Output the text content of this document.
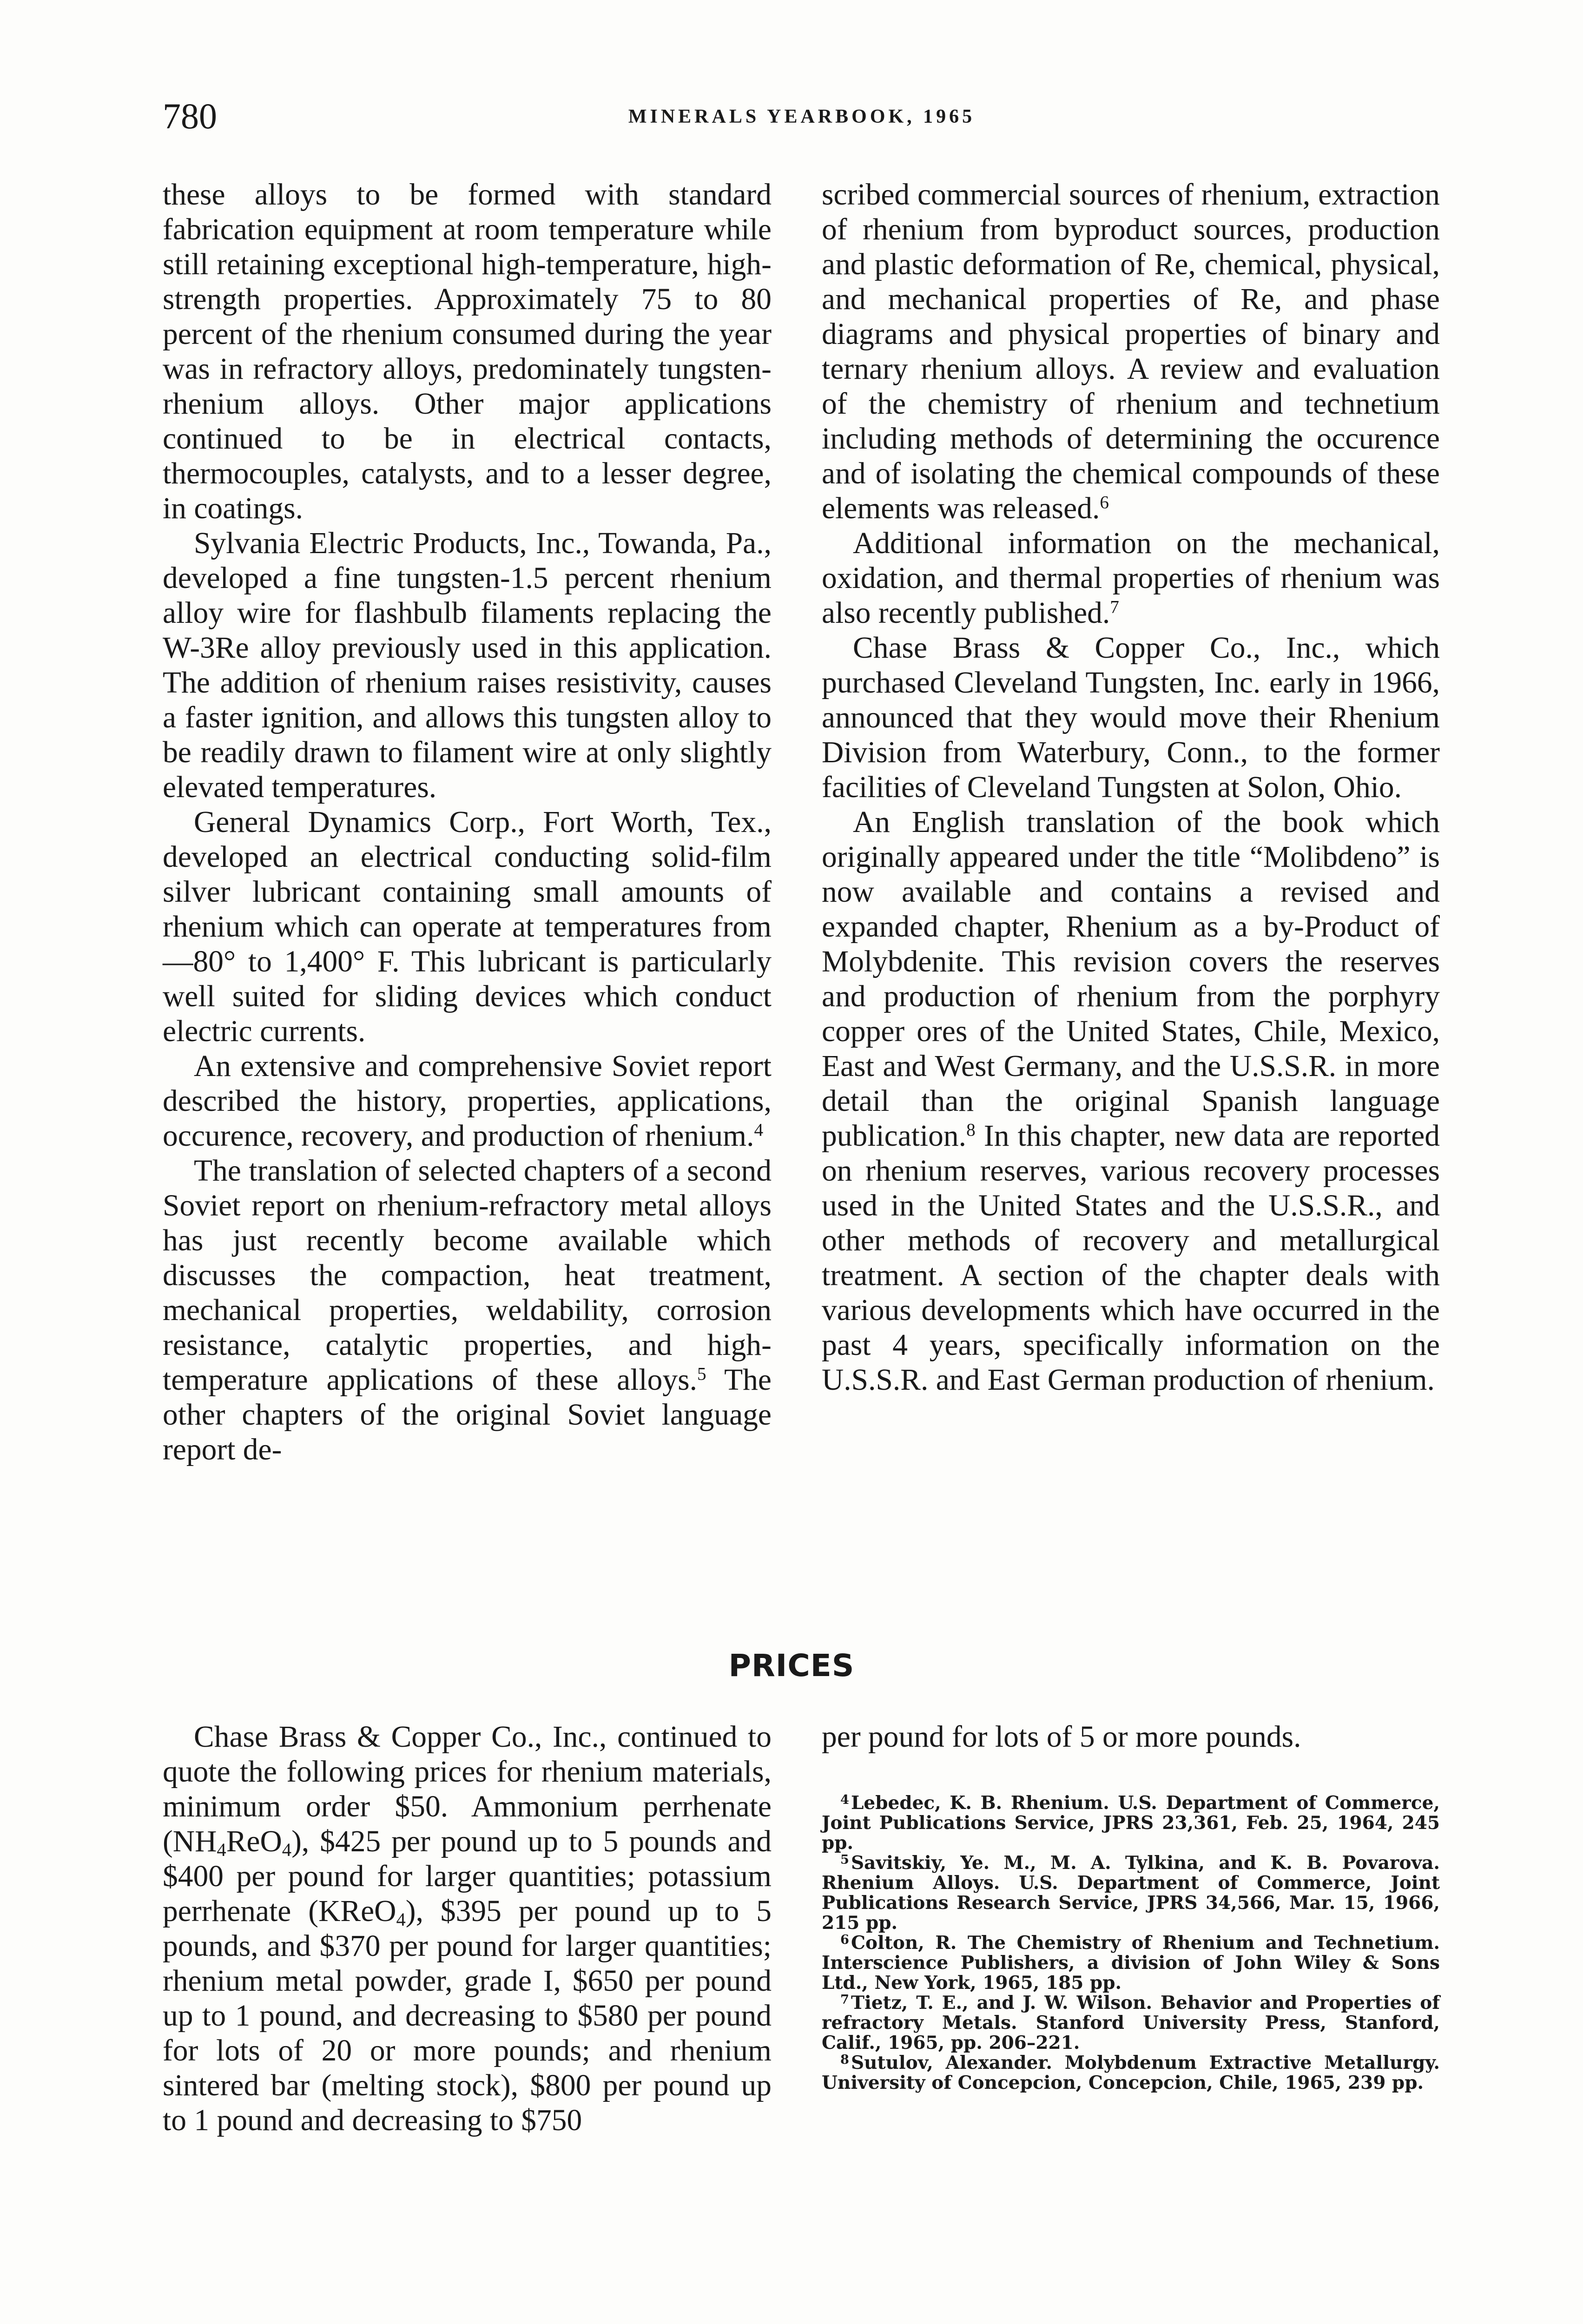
780	MINERALS YEARBOOK, 1965

these alloys to be formed with standard fabrication equipment at room temperature while still retaining exceptional high-temperature, high-strength properties. Approximately 75 to 80 percent of the rhenium consumed during the year was in refractory alloys, predominately tungsten-rhenium alloys. Other major applications continued to be in electrical contacts, thermocouples, catalysts, and to a lesser degree, in coatings.

Sylvania Electric Products, Inc., Towanda, Pa., developed a fine tungsten-1.5 percent rhenium alloy wire for flashbulb filaments replacing the W-3Re alloy previously used in this application. The addition of rhenium raises resistivity, causes a faster ignition, and allows this tungsten alloy to be readily drawn to filament wire at only slightly elevated temperatures.

General Dynamics Corp., Fort Worth, Tex., developed an electrical conducting solid-film silver lubricant containing small amounts of rhenium which can operate at temperatures from —80° to 1,400° F. This lubricant is particularly well suited for sliding devices which conduct electric currents.

An extensive and comprehensive Soviet report described the history, properties, applications, occurence, recovery, and production of rhenium.$^4$

The translation of selected chapters of a second Soviet report on rhenium-refractory metal alloys has just recently become available which discusses the compaction, heat treatment, mechanical properties, weldability, corrosion resistance, catalytic properties, and high-temperature applications of these alloys.$^5$ The other chapters of the original Soviet language report de-

scribed commercial sources of rhenium, extraction of rhenium from byproduct sources, production and plastic deformation of Re, chemical, physical, and mechanical properties of Re, and phase diagrams and physical properties of binary and ternary rhenium alloys. A review and evaluation of the chemistry of rhenium and technetium including methods of determining the occurence and of isolating the chemical compounds of these elements was released.$^6$

Additional information on the mechanical, oxidation, and thermal properties of rhenium was also recently published.$^7$

Chase Brass & Copper Co., Inc., which purchased Cleveland Tungsten, Inc. early in 1966, announced that they would move their Rhenium Division from Waterbury, Conn., to the former facilities of Cleveland Tungsten at Solon, Ohio.

An English translation of the book which originally appeared under the title “Molibdeno” is now available and contains a revised and expanded chapter, Rhenium as a by-Product of Molybdenite. This revision covers the reserves and production of rhenium from the porphyry copper ores of the United States, Chile, Mexico, East and West Germany, and the U.S.S.R. in more detail than the original Spanish language publication.$^8$ In this chapter, new data are reported on rhenium reserves, various recovery processes used in the United States and the U.S.S.R., and other methods of recovery and metallurgical treatment. A section of the chapter deals with various developments which have occurred in the past 4 years, specifically information on the U.S.S.R. and East German production of rhenium.

PRICES

Chase Brass & Copper Co., Inc., continued to quote the following prices for rhenium materials, minimum order $50. Ammonium perrhenate $(NH_4ReO_4)$, $425 per pound up to 5 pounds and $400 per pound for larger quantities; potassium perrhenate (KReO$_4$), $395 per pound up to 5 pounds, and $370 per pound for larger quantities; rhenium metal powder, grade I, $650 per pound up to 1 pound, and decreasing to $580 per pound for lots of 20 or more pounds; and rhenium sintered bar (melting stock), $800 per pound up to 1 pound and decreasing to $750

per pound for lots of 5 or more pounds.

$^4$ Lebedec, K. B. Rhenium. U.S. Department of Commerce, Joint Publications Service, JPRS 23,361, Feb. 25, 1964, 245 pp.

$^5$ Savitskiy, Ye. M., M. A. Tylkina, and K. B. Povarova. Rhenium Alloys. U.S. Department of Commerce, Joint Publications Research Service, JPRS 34,566, Mar. 15, 1966, 215 pp.

$^6$ Colton, R. The Chemistry of Rhenium and Technetium. Interscience Publishers, a division of John Wiley & Sons Ltd., New York, 1965, 185 pp.

$^7$ Tietz, T. E., and J. W. Wilson. Behavior and Properties of refractory Metals. Stanford University Press, Stanford, Calif., 1965, pp. 206–221.

$^8$ Sutulov, Alexander. Molybdenum Extractive Metallurgy. University of Concepcion, Concepcion, Chile, 1965, 239 pp.
